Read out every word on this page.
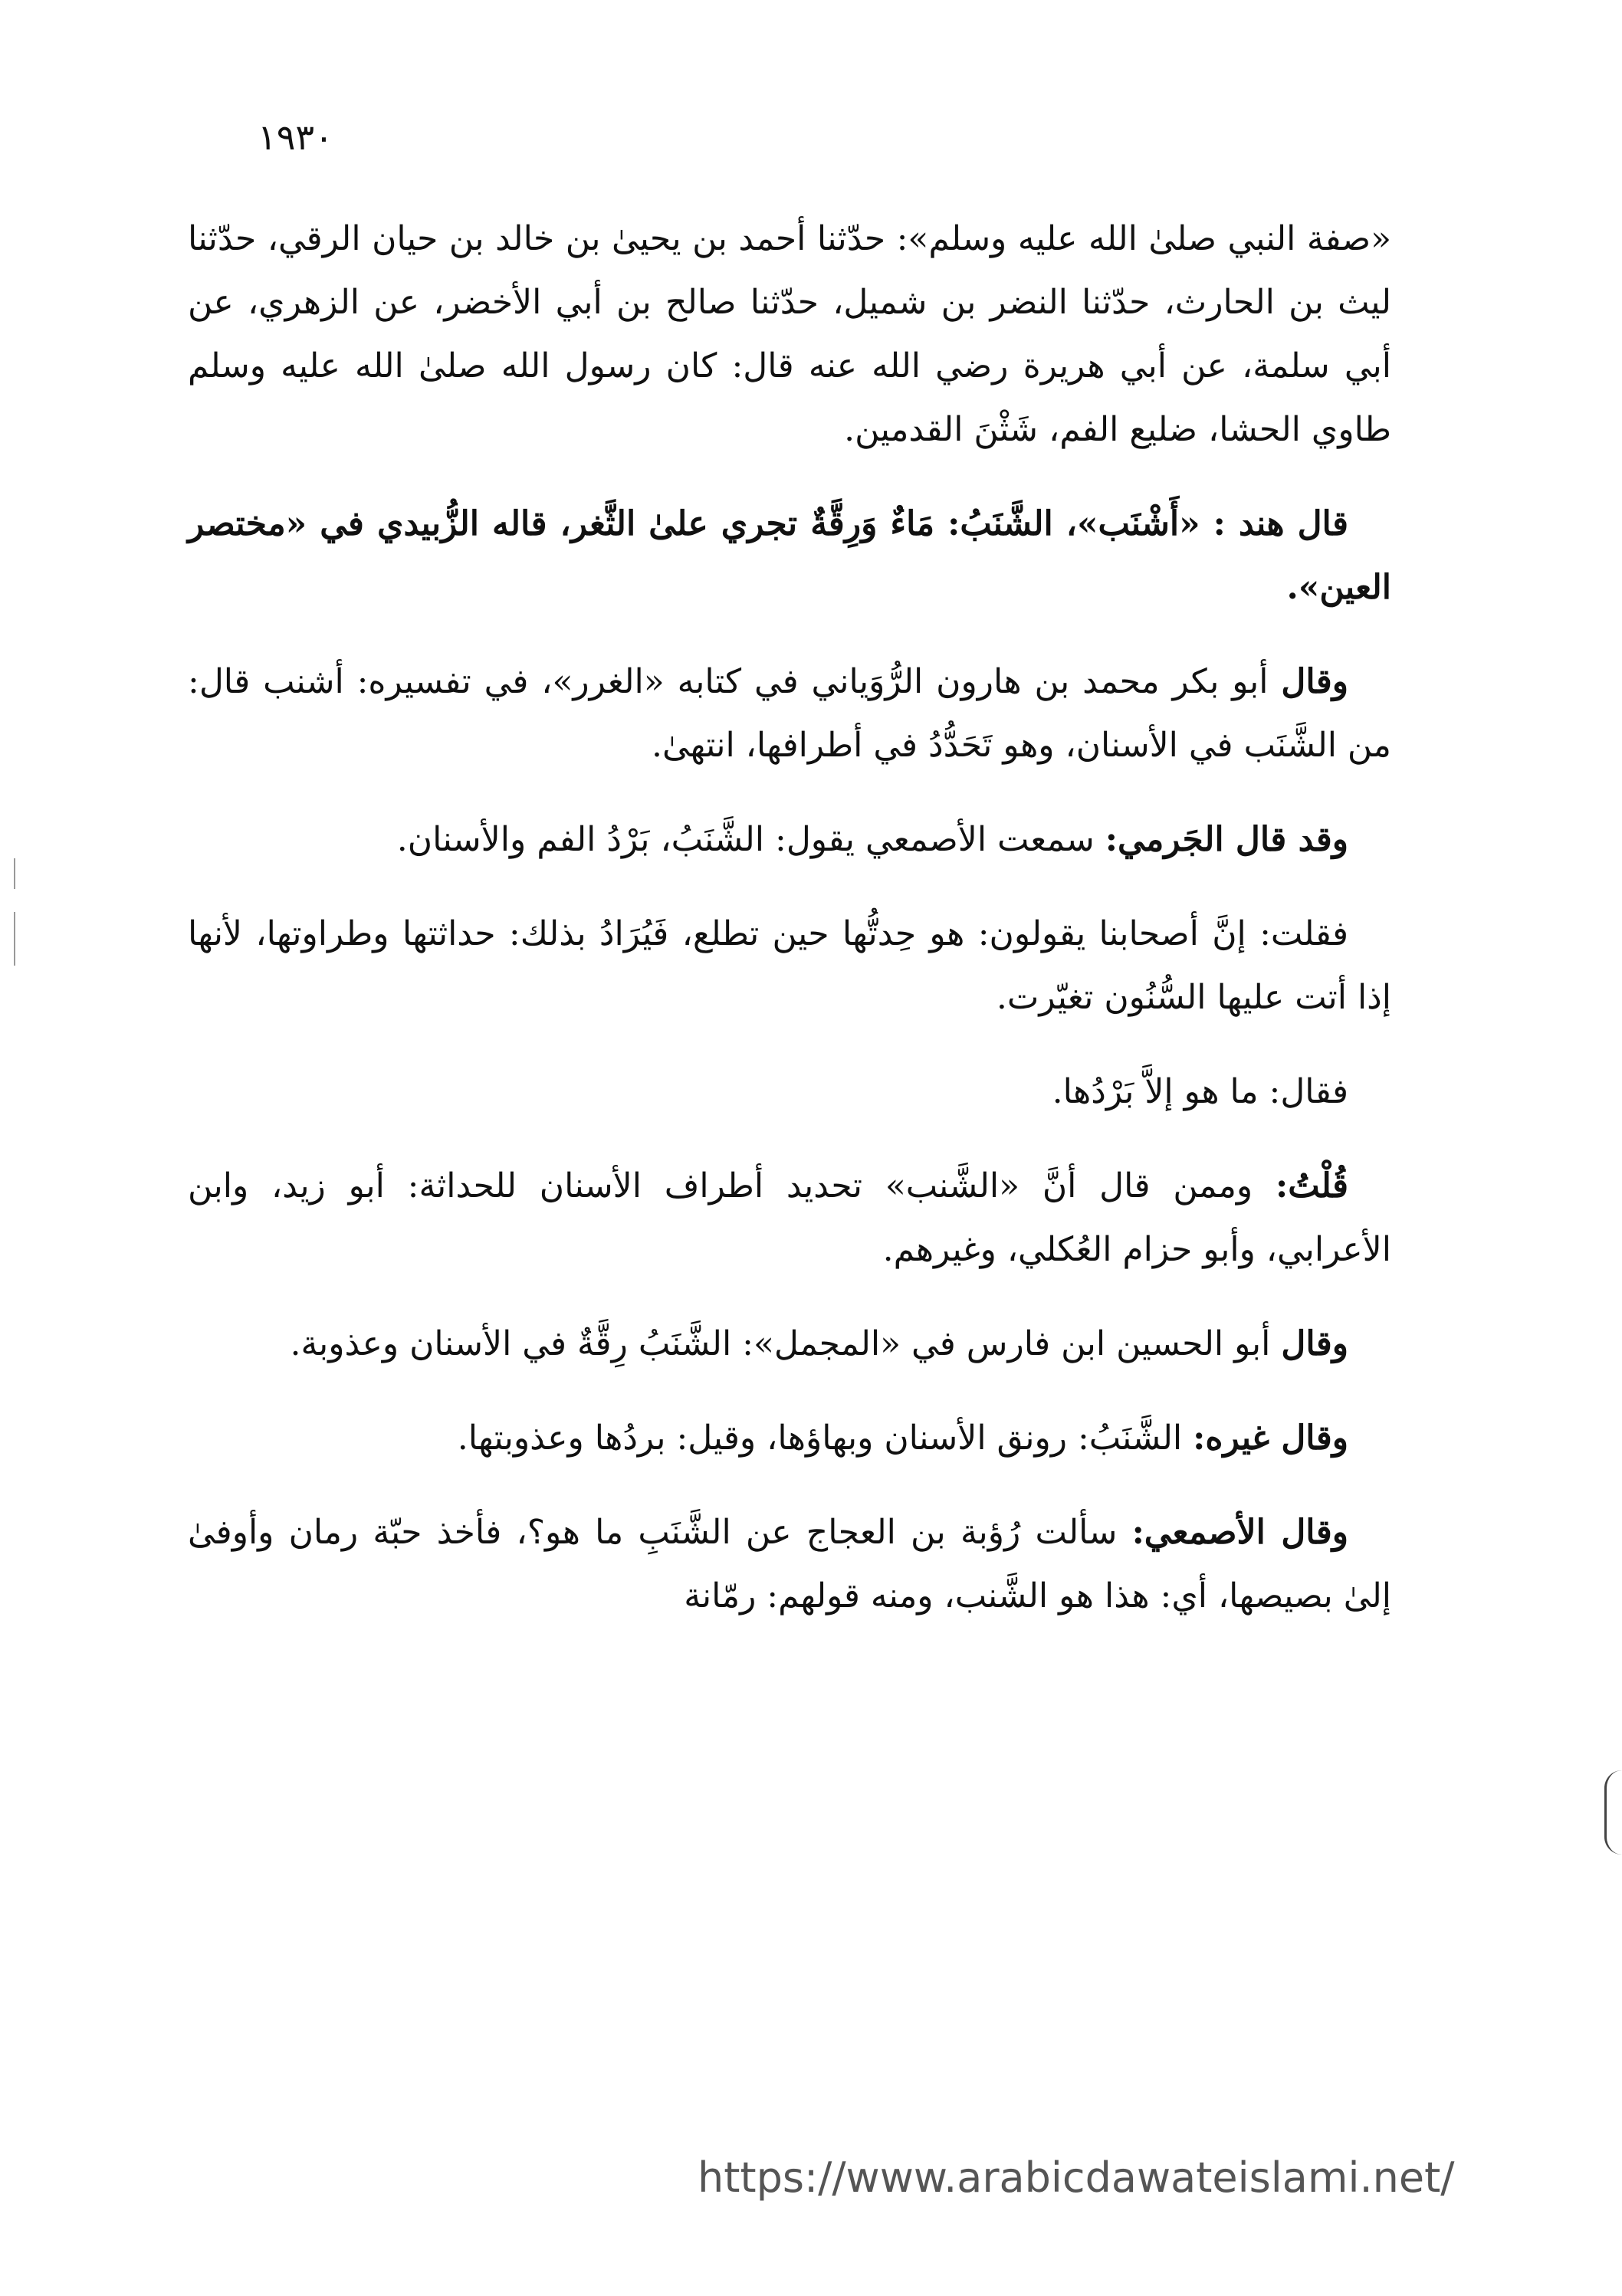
١٩٣٠

«صفة النبي صلىٰ الله عليه وسلم»: حدّثنا أحمد بن يحيىٰ بن خالد بن حيان الرقي، حدّثنا ليث بن الحارث، حدّثنا النضر بن شميل، حدّثنا صالح بن أبي الأخضر، عن الزهري، عن أبي سلمة، عن أبي هريرة رضي الله عنه قال: كان رسول الله صلىٰ الله عليه وسلم طاوي الحشا، ضليع الفم، شَثْنَ القدمين.

قال هند : «أَشْنَب»، الشَّنَبُ: مَاءٌ وَرِقَّةٌ تجري علىٰ الثَّغر، قاله الزُّبيدي في «مختصر العين».

وقال أبو بكر محمد بن هارون الرُّوَياني في كتابه «الغرر»، في تفسيره: أشنب قال: من الشَّنَب في الأسنان، وهو تَحَدُّدُ في أطرافها، انتهىٰ.

وقد قال الجَرمي: سمعت الأصمعي يقول: الشَّنَبُ، بَرْدُ الفم والأسنان.

فقلت: إنَّ أصحابنا يقولون: هو حِدتُّها حين تطلع، فَيُرَادُ بذلك: حداثتها وطراوتها، لأنها إذا أتت عليها السُّنُون تغيّرت.

فقال: ما هو إلاَّ بَرْدُها.

قُلْتُ: وممن قال أنَّ «الشَّنب» تحديد أطراف الأسنان للحداثة: أبو زيد، وابن الأعرابي، وأبو حزام العُكلي، وغيرهم.

وقال أبو الحسين ابن فارس في «المجمل»: الشَّنَبُ رِقَّةٌ في الأسنان وعذوبة.

وقال غيره: الشَّنَبُ: رونق الأسنان وبهاؤها، وقيل: بردُها وعذوبتها.

وقال الأصمعي: سألت رُؤبة بن العجاج عن الشَّنَبِ ما هو؟، فأخذ حبّة رمان وأوفىٰ إلىٰ بصيصها، أي: هذا هو الشَّنب، ومنه قولهم: رمّانة

https://www.arabicdawateislami.net/
